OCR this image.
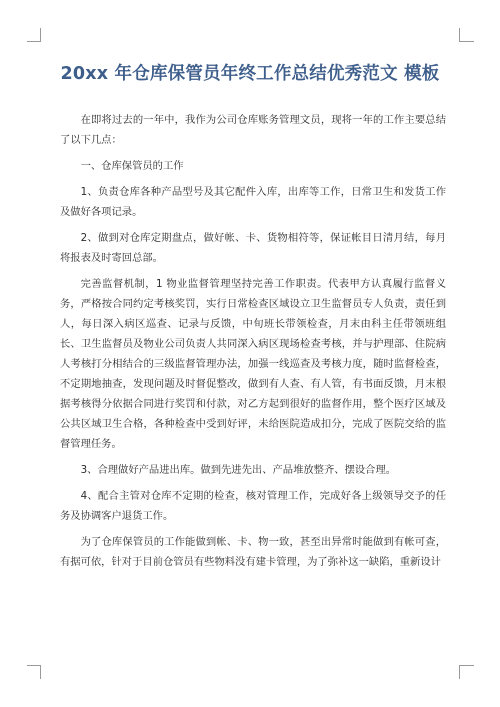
20xx 年仓库保管员年终工作总结优秀范文 模板

在即将过去的一年中，我作为公司仓库账务管理文员，现将一年的工作主要总结了以下几点：

一、仓库保管员的工作

1、负责仓库各种产品型号及其它配件入库，出库等工作，日常卫生和发货工作及做好各项记录。

2、做到对仓库定期盘点，做好帐、卡、货物相符等，保证帐目日清月结，每月将报表及时寄回总部。

完善监督机制，1 物业监督管理坚持完善工作职责。代表甲方认真履行监督义务，严格按合同约定考核奖罚，实行日常检查区域设立卫生监督员专人负责，责任到人，每日深入病区巡查、记录与反馈，中旬班长带领检查，月末由科主任带领班组长、卫生监督员及物业公司负责人共同深入病区现场检查考核，并与护理部、住院病人考核打分相结合的三级监督管理办法，加强一线巡查及考核力度，随时监督检查，不定期地抽查，发现问题及时督促整改，做到有人查、有人管，有书面反馈，月末根据考核得分依据合同进行奖罚和付款，对乙方起到很好的监督作用，整个医疗区域及公共区域卫生合格，各种检查中受到好评，未给医院造成扣分，完成了医院交给的监督管理任务。

3、合理做好产品进出库。做到先进先出、产品堆放整齐、摆设合理。

4、配合主管对仓库不定期的检查，核对管理工作，完成好各上级领导交予的任务及协调客户退货工作。

为了仓库保管员的工作能做到帐、卡、物一致，甚至出异常时能做到有帐可查，有据可依，针对于目前仓管员有些物料没有建卡管理，为了弥补这一缺陷，重新设计
